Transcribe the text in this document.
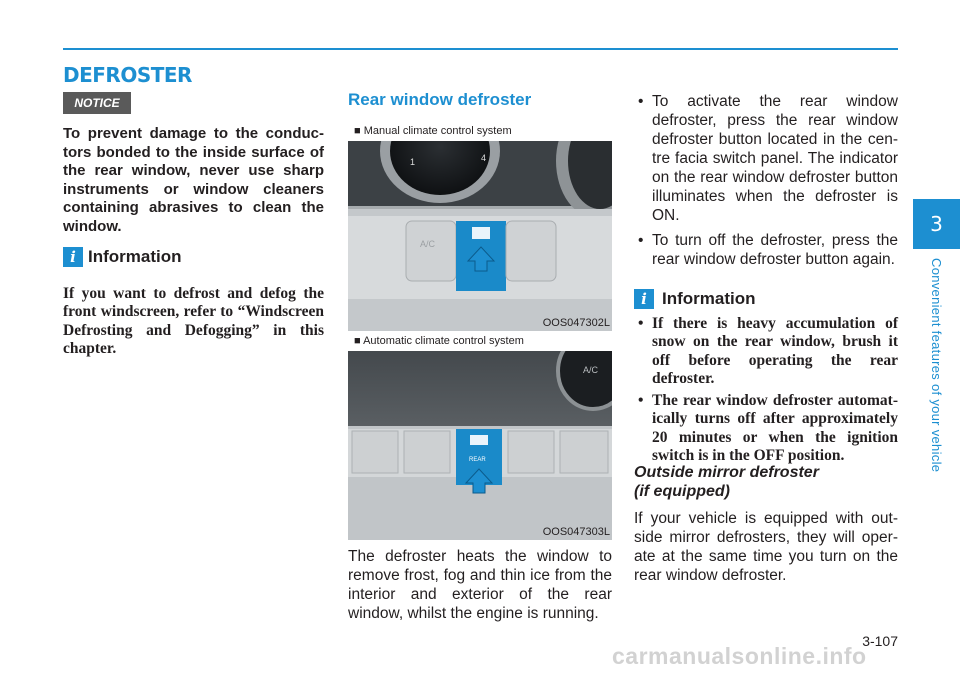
DEFROSTER
NOTICE
To prevent damage to the conductors bonded to the inside surface of the rear window, never use sharp instruments or window cleaners containing abrasives to clean the window.
i Information
If you want to defrost and defog the front windscreen, refer to “Windscreen Defrosting and Defogging” in this chapter.
Rear window defroster
1	4
A/C
■ Manual climate control system
OOS047302L
A/C
REAR
■ Automatic climate control system
OOS047303L
The defroster heats the window to remove frost, fog and thin ice from the interior and exterior of the rear window, whilst the engine is running.
• To activate the rear window defroster, press the rear window defroster button located in the centre facia switch panel. The indicator on the rear window defroster button illuminates when the defroster is ON.
• To turn off the defroster, press the rear window defroster button again.
i Information
• If there is heavy accumulation of snow on the rear window, brush it off before operating the rear defroster.
• The rear window defroster automatically turns off after approximately 20 minutes or when the ignition switch is in the OFF position.
Outside mirror defroster
(if equipped)
If your vehicle is equipped with outside mirror defrosters, they will operate at the same time you turn on the rear window defroster.
3
Convenient features of your vehicle
3-107
carmanualsonline.info
